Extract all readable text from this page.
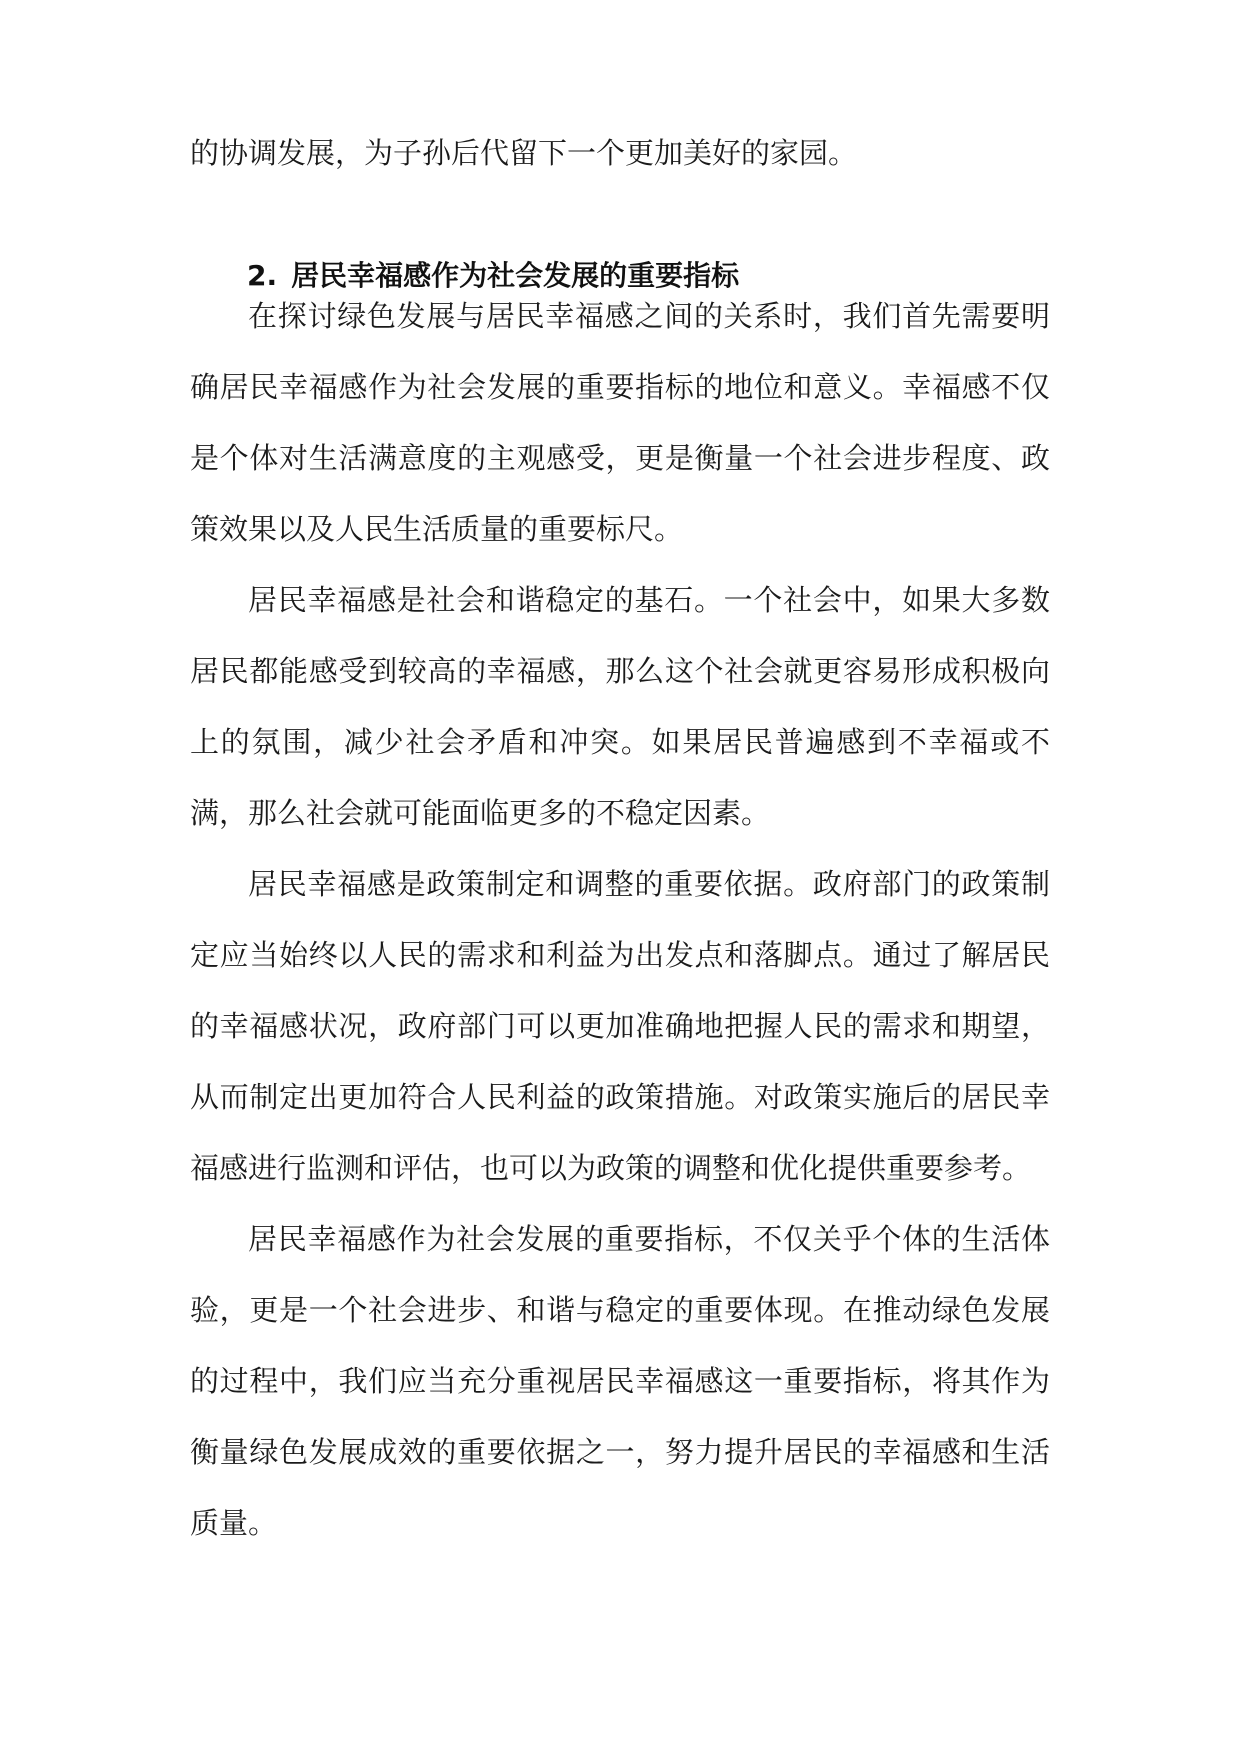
的协调发展，为子孙后代留下一个更加美好的家园。

2. 居民幸福感作为社会发展的重要指标

在探讨绿色发展与居民幸福感之间的关系时，我们首先需要明确居民幸福感作为社会发展的重要指标的地位和意义。幸福感不仅是个体对生活满意度的主观感受，更是衡量一个社会进步程度、政策效果以及人民生活质量的重要标尺。

居民幸福感是社会和谐稳定的基石。一个社会中，如果大多数居民都能感受到较高的幸福感，那么这个社会就更容易形成积极向上的氛围，减少社会矛盾和冲突。如果居民普遍感到不幸福或不满，那么社会就可能面临更多的不稳定因素。

居民幸福感是政策制定和调整的重要依据。政府部门的政策制定应当始终以人民的需求和利益为出发点和落脚点。通过了解居民的幸福感状况，政府部门可以更加准确地把握人民的需求和期望，从而制定出更加符合人民利益的政策措施。对政策实施后的居民幸福感进行监测和评估，也可以为政策的调整和优化提供重要参考。

居民幸福感作为社会发展的重要指标，不仅关乎个体的生活体验，更是一个社会进步、和谐与稳定的重要体现。在推动绿色发展的过程中，我们应当充分重视居民幸福感这一重要指标，将其作为衡量绿色发展成效的重要依据之一，努力提升居民的幸福感和生活质量。
